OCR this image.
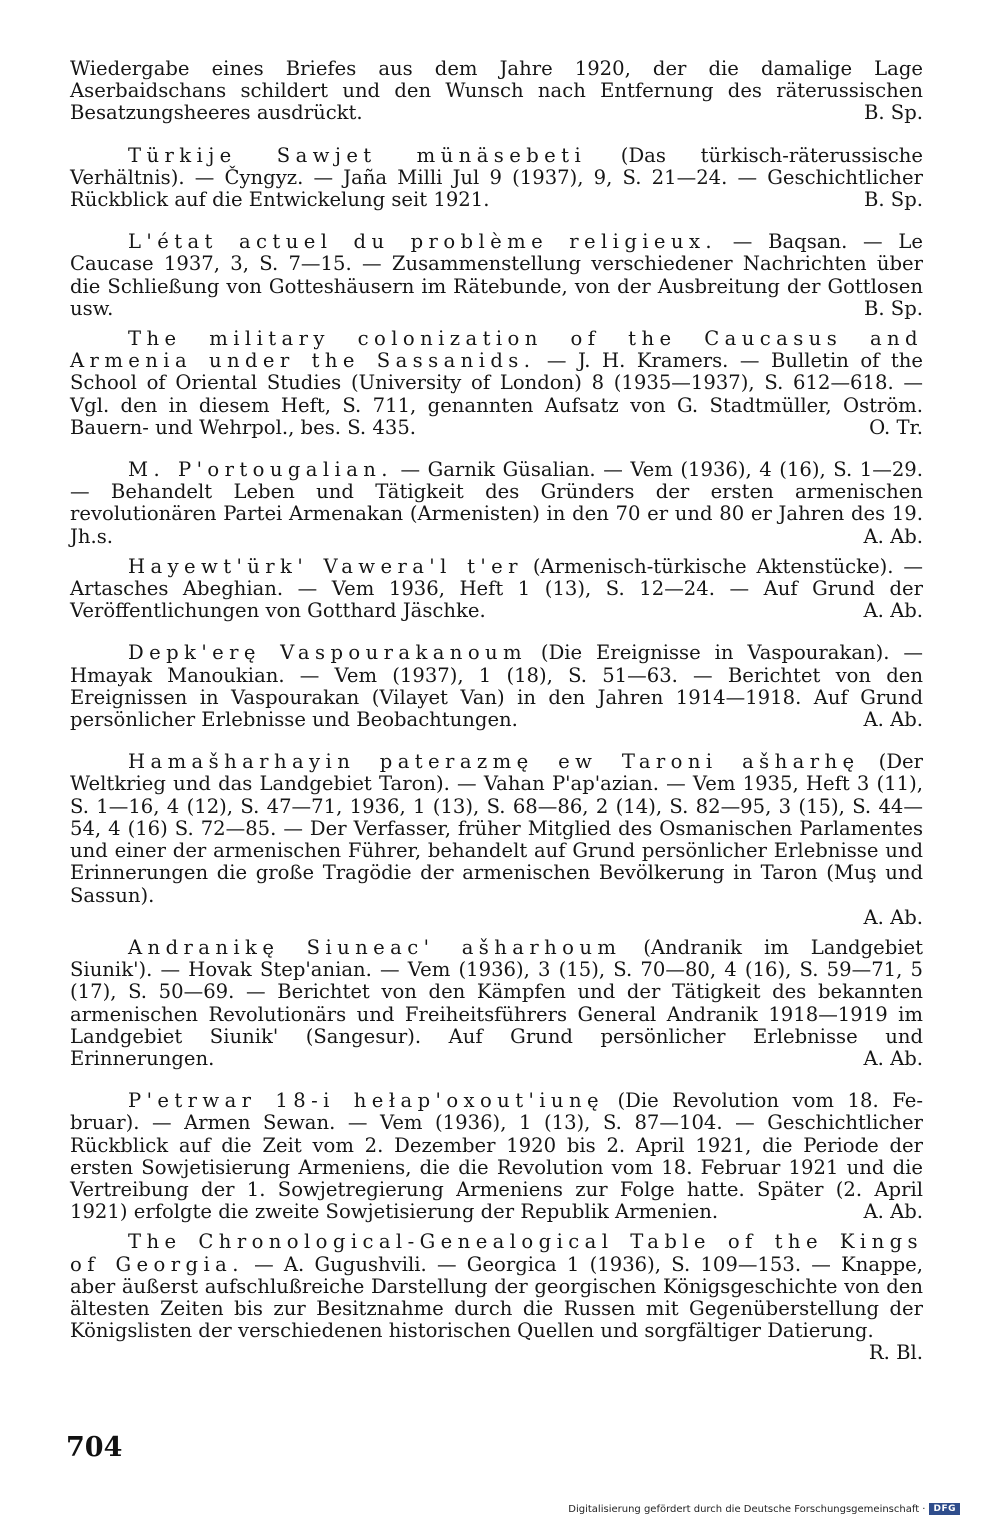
Wiedergabe eines Briefes aus dem Jahre 1920, der die damalige Lage Aserbaidschans schildert und den Wunsch nach Entfernung des räterussischen Besatzungsheeres ausdrückt.	B. Sp.
Türkije Sawjet münäsebeti (Das türkisch-räterussische Verhältnis). — Čyngyz. — Jaña Milli Jul 9 (1937), 9, S. 21—24. — Geschichtlicher Rückblick auf die Entwickelung seit 1921.	B. Sp.
L'état actuel du problème religieux. — Baqsan. — Le Caucase 1937, 3, S. 7—15. — Zusammenstellung verschiedener Nachrichten über die Schließung von Gotteshäusern im Rätebunde, von der Ausbreitung der Gottlosen usw.	B. Sp.
The military colonization of the Caucasus and Armenia under the Sassanids. — J. H. Kramers. — Bulletin of the School of Oriental Studies (University of London) 8 (1935—1937), S. 612—618. — Vgl. den in diesem Heft, S. 711, genannten Aufsatz von G. Stadtmüller, Oström. Bauern- und Wehrpol., bes. S. 435.	O. Tr.
M. P'ortougalian. — Garnik Güsalian. — Vem (1936), 4 (16), S. 1—29. — Behandelt Leben und Tätigkeit des Gründers der ersten armenischen revolutionären Partei Armenakan (Armenisten) in den 70 er und 80 er Jahren des 19. Jh.s.	A. Ab.
Hayewt'ürk' Vawera'l t'er (Armenisch-türkische Aktenstücke). — Artasches Abeghian. — Vem 1936, Heft 1 (13), S. 12—24. — Auf Grund der Veröffentlichungen von Gotthard Jäschke.	A. Ab.
Depk'erę Vaspourakanoum (Die Ereignisse in Vaspourakan). — Hmayak Manoukian. — Vem (1937), 1 (18), S. 51—63. — Berichtet von den Ereignissen in Vaspourakan (Vilayet Van) in den Jahren 1914—1918. Auf Grund persönlicher Erlebnisse und Beobachtungen.	A. Ab.
Hamašharhayin paterazmę ew Taroni ašharhę (Der Weltkrieg und das Landgebiet Taron). — Vahan P'ap'azian. — Vem 1935, Heft 3 (11), S. 1—16, 4 (12), S. 47—71, 1936, 1 (13), S. 68—86, 2 (14), S. 82—95, 3 (15), S. 44—54, 4 (16) S. 72—85. — Der Verfasser, früher Mitglied des Osmanischen Parlamentes und einer der armenischen Führer, behandelt auf Grund persönlicher Erlebnisse und Erinnerungen die große Tragödie der armenischen Bevölkerung in Taron (Muş und Sassun).
A. Ab.
Andranikę Siuneac' ašharhoum (Andranik im Landgebiet Siunik'). — Hovak Step'anian. — Vem (1936), 3 (15), S. 70—80, 4 (16), S. 59—71, 5 (17), S. 50—69. — Berichtet von den Kämpfen und der Tätigkeit des bekannten armenischen Revolutionärs und Freiheitsführers General Andranik 1918—1919 im Landgebiet Siunik' (Sangesur). Auf Grund persönlicher Erlebnisse und Erinnerungen.	A. Ab.
P'etrwar 18-i hełap'oxout'iunę (Die Revolution vom 18. Februar). — Armen Sewan. — Vem (1936), 1 (13), S. 87—104. — Geschichtlicher Rückblick auf die Zeit vom 2. Dezember 1920 bis 2. April 1921, die Periode der ersten Sowjetisierung Armeniens, die die Revolution vom 18. Februar 1921 und die Vertreibung der 1. Sowjetregierung Armeniens zur Folge hatte. Später (2. April 1921) erfolgte die zweite Sowjetisierung der Republik Armenien.	A. Ab.
The Chronological-Genealogical Table of the Kings of Georgia. — A. Gugushvili. — Georgica 1 (1936), S. 109—153. — Knappe, aber äußerst aufschlußreiche Darstellung der georgischen Königsgeschichte von den ältesten Zeiten bis zur Besitznahme durch die Russen mit Gegenüberstellung der Königslisten der verschiedenen historischen Quellen und sorgfältiger Datierung.
R. Bl.
704
Digitalisierung gefördert durch die Deutsche Forschungsgemeinschaft · DFG
